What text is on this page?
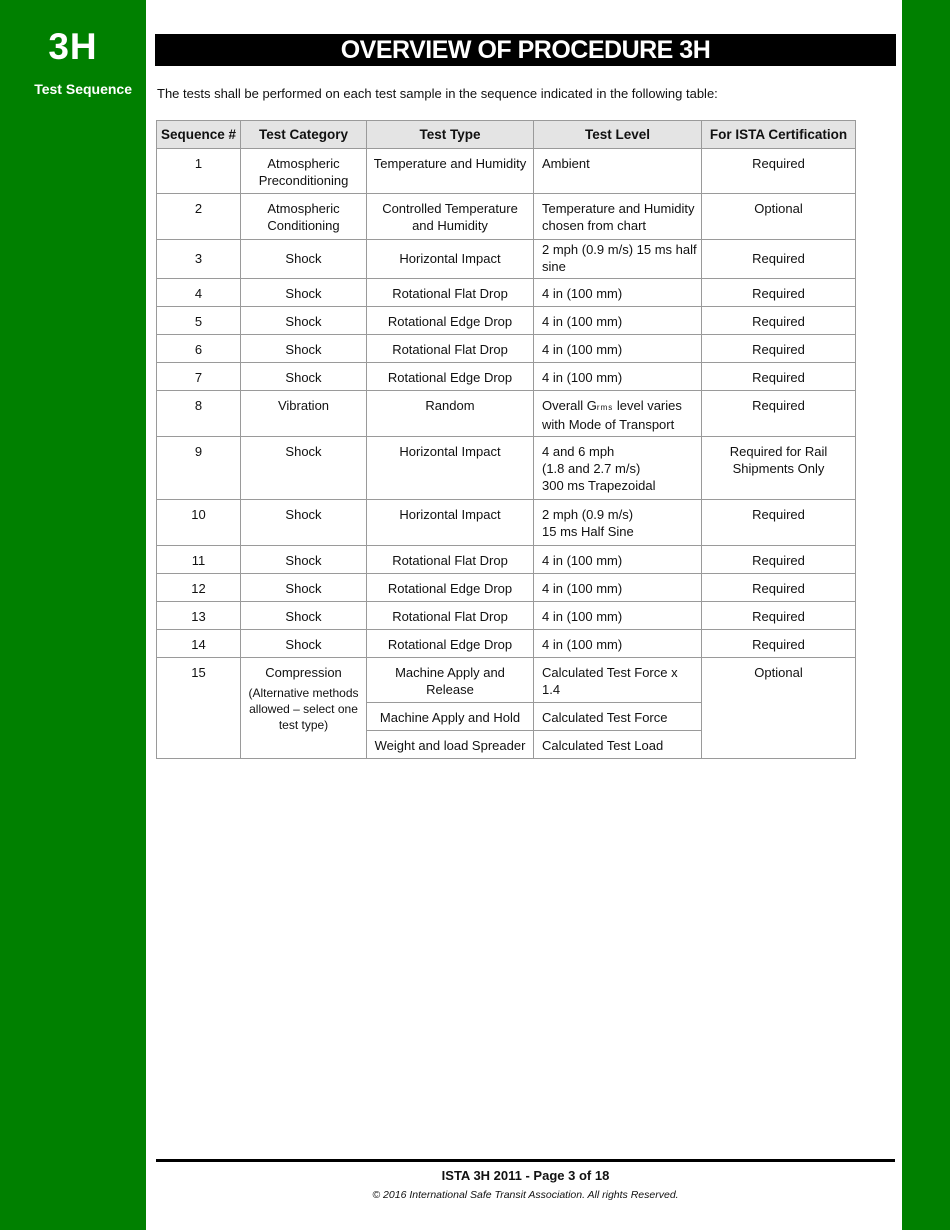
3H
Test Sequence
OVERVIEW OF PROCEDURE 3H
The tests shall be performed on each test sample in the sequence indicated in the following table:
Sequence #	Test Category	Test Type	Test Level	For ISTA Certification
1	Atmospheric Preconditioning	Temperature and Humidity	Ambient	Required
2	Atmospheric Conditioning	Controlled Temperature and Humidity	Temperature and Humidity chosen from chart	Optional
3	Shock	Horizontal Impact	2 mph (0.9 m/s) 15 ms half sine	Required
4	Shock	Rotational Flat Drop	4 in (100 mm)	Required
5	Shock	Rotational Edge Drop	4 in (100 mm)	Required
6	Shock	Rotational Flat Drop	4 in (100 mm)	Required
7	Shock	Rotational Edge Drop	4 in (100 mm)	Required
8	Vibration	Random	Overall Grms level varies with Mode of Transport	Required
9	Shock	Horizontal Impact	4 and 6 mph
(1.8 and 2.7 m/s)
300 ms Trapezoidal	Required for Rail Shipments Only
10	Shock	Horizontal Impact	2 mph (0.9 m/s)
15 ms Half Sine	Required
11	Shock	Rotational Flat Drop	4 in (100 mm)	Required
12	Shock	Rotational Edge Drop	4 in (100 mm)	Required
13	Shock	Rotational Flat Drop	4 in (100 mm)	Required
14	Shock	Rotational Edge Drop	4 in (100 mm)	Required
15	Compression
(Alternative methods allowed – select one test type)	Machine Apply and Release	Calculated Test Force x 1.4	Optional
		Machine Apply and Hold	Calculated Test Force	
		Weight and load Spreader	Calculated Test Load	
ISTA 3H 2011 - Page 3 of 18
© 2016 International Safe Transit Association. All rights Reserved.
